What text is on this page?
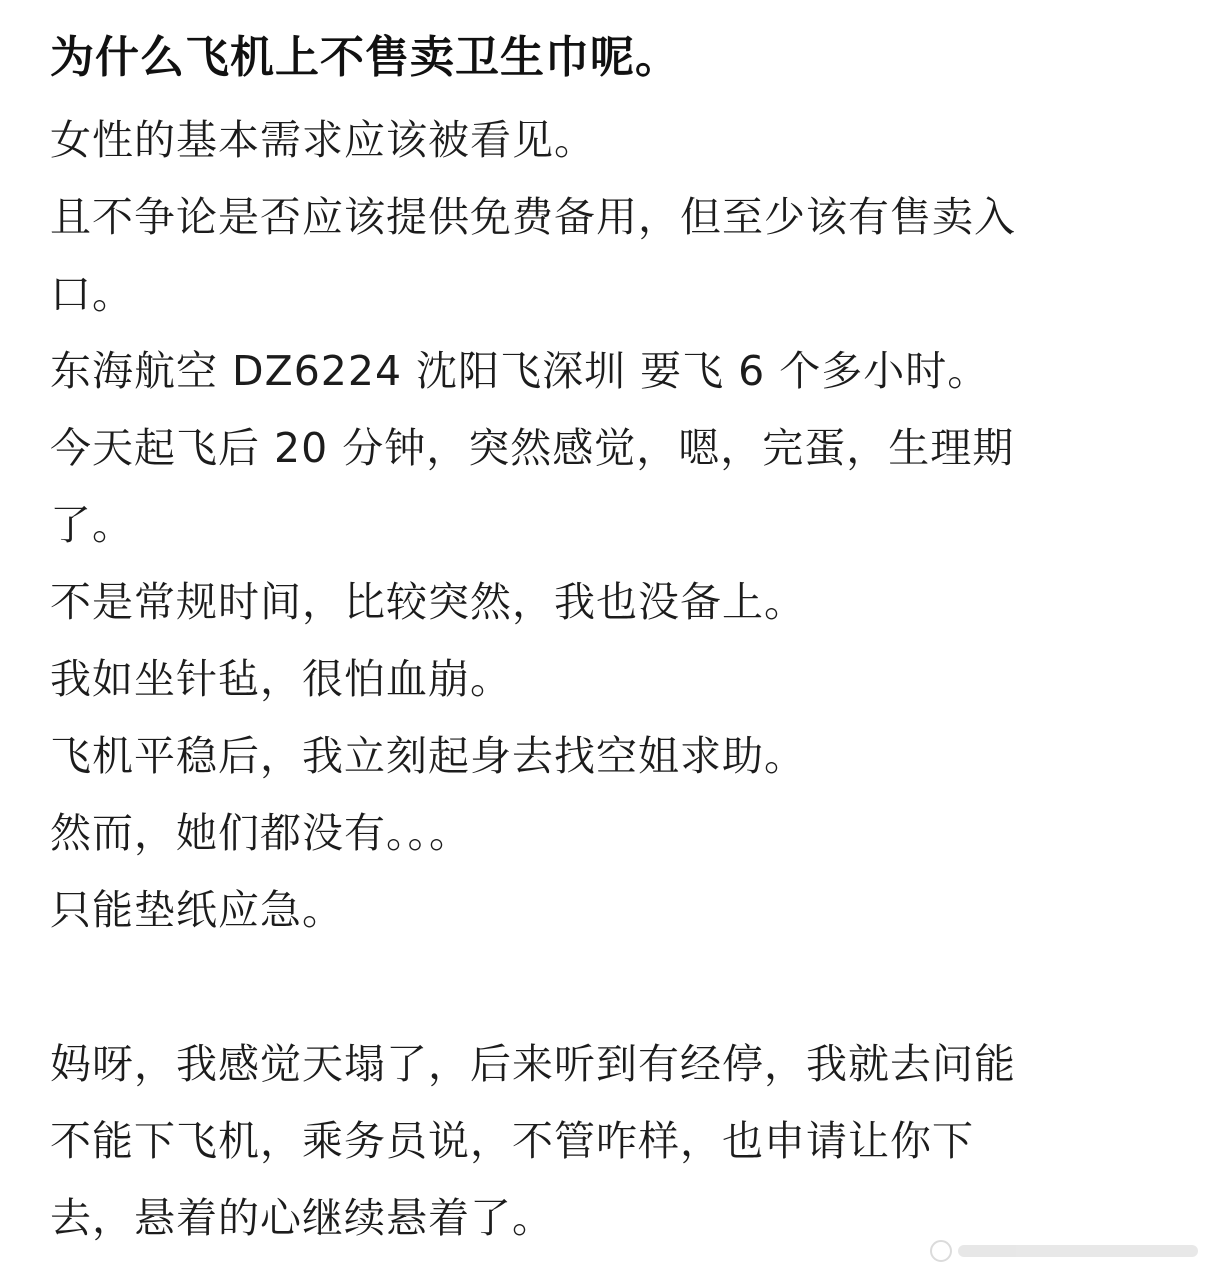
为什么飞机上不售卖卫生巾呢。
女性的基本需求应该被看见。
且不争论是否应该提供免费备用，但至少该有售卖入
口。
东海航空 DZ6224 沈阳飞深圳 要飞 6 个多小时。
今天起飞后 20 分钟，突然感觉，嗯，完蛋，生理期
了。
不是常规时间，比较突然，我也没备上。
我如坐针毡，很怕血崩。
飞机平稳后，我立刻起身去找空姐求助。
然而，她们都没有。。。
只能垫纸应急。
妈呀，我感觉天塌了，后来听到有经停，我就去问能
不能下飞机，乘务员说，不管咋样，也申请让你下
去，悬着的心继续悬着了。
